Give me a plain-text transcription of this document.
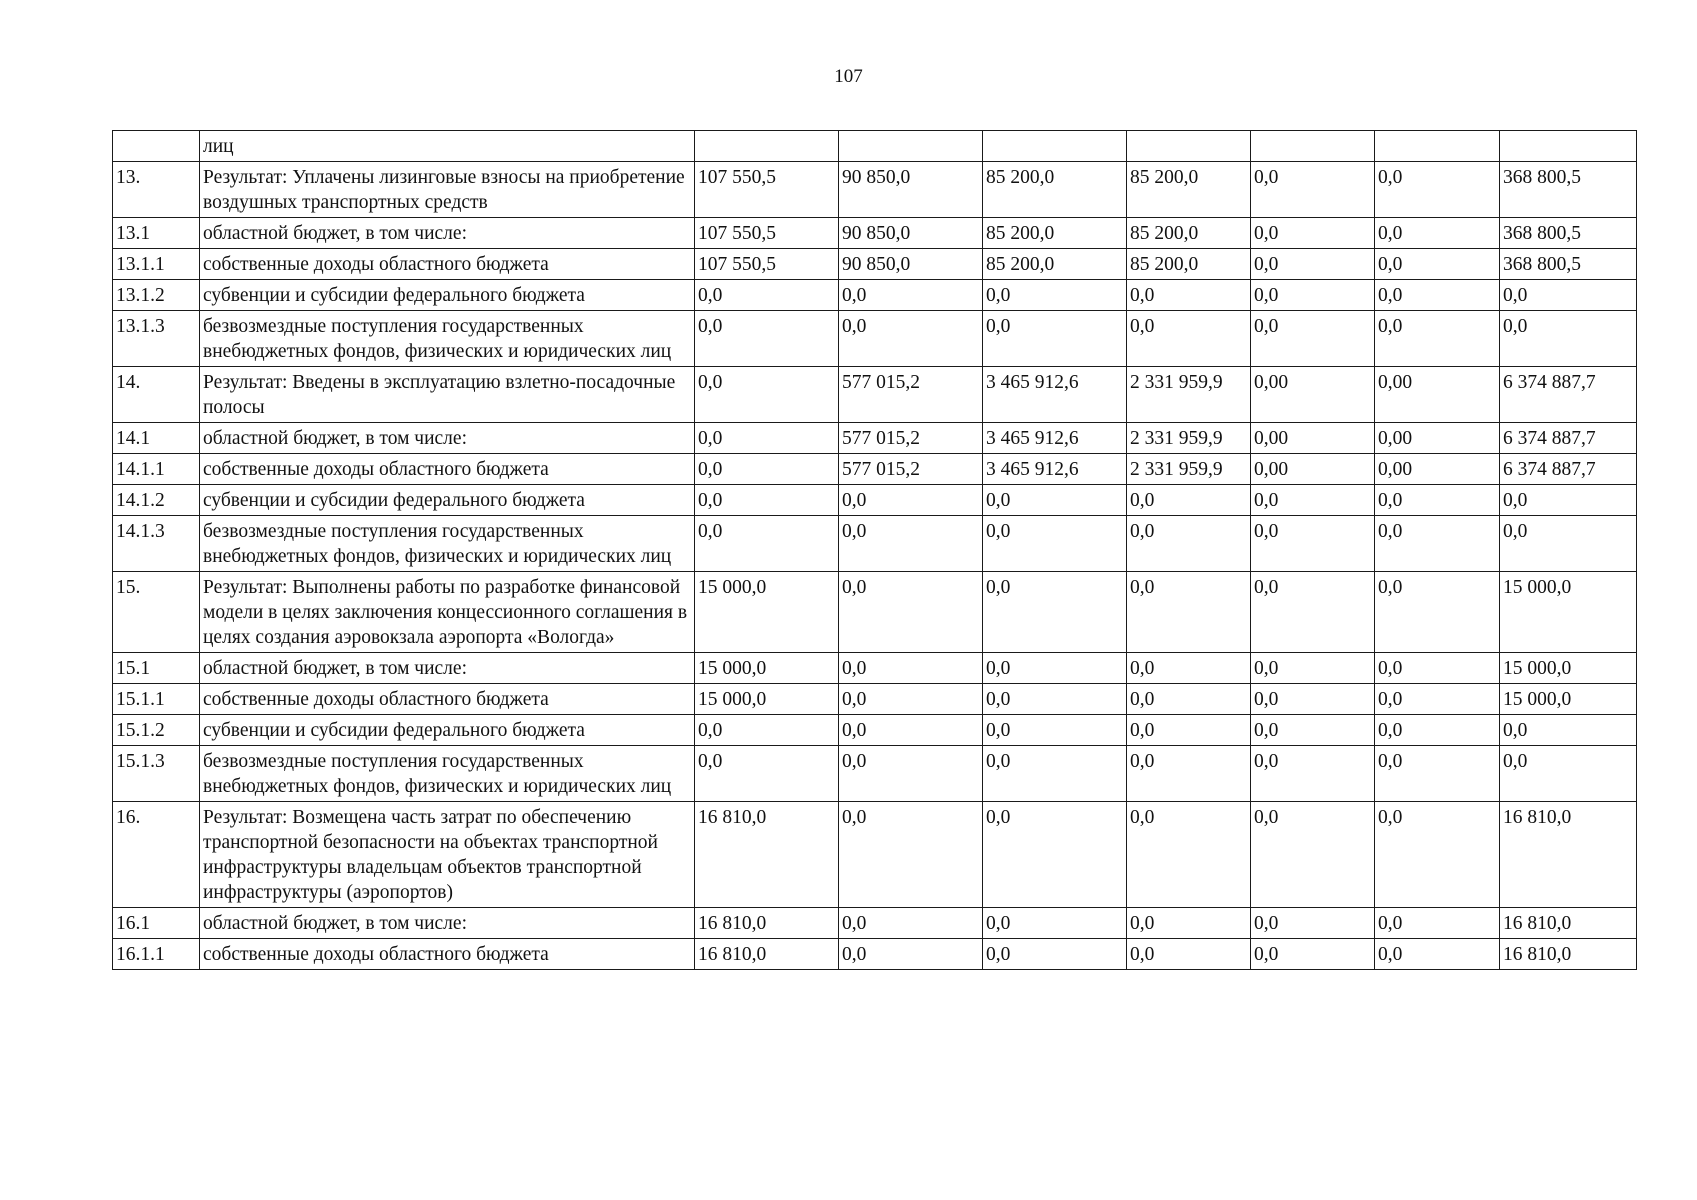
107
	лиц							
13.	Результат: Уплачены лизинговые взносы на приобретение воздушных транспортных средств	107 550,5	90 850,0	85 200,0	85 200,0	0,0	0,0	368 800,5
13.1	областной бюджет, в том числе:	107 550,5	90 850,0	85 200,0	85 200,0	0,0	0,0	368 800,5
13.1.1	собственные доходы областного бюджета	107 550,5	90 850,0	85 200,0	85 200,0	0,0	0,0	368 800,5
13.1.2	субвенции и субсидии федерального бюджета	0,0	0,0	0,0	0,0	0,0	0,0	0,0
13.1.3	безвозмездные поступления государственных внебюджетных фондов, физических и юридических лиц	0,0	0,0	0,0	0,0	0,0	0,0	0,0
14.	Результат: Введены в эксплуатацию взлетно-посадочные полосы	0,0	577 015,2	3 465 912,6	2 331 959,9	0,00	0,00	6 374 887,7
14.1	областной бюджет, в том числе:	0,0	577 015,2	3 465 912,6	2 331 959,9	0,00	0,00	6 374 887,7
14.1.1	собственные доходы областного бюджета	0,0	577 015,2	3 465 912,6	2 331 959,9	0,00	0,00	6 374 887,7
14.1.2	субвенции и субсидии федерального бюджета	0,0	0,0	0,0	0,0	0,0	0,0	0,0
14.1.3	безвозмездные поступления государственных внебюджетных фондов, физических и юридических лиц	0,0	0,0	0,0	0,0	0,0	0,0	0,0
15.	Результат: Выполнены работы по разработке финансовой модели в целях заключения концессионного соглашения в целях создания аэровокзала аэропорта «Вологда»	15 000,0	0,0	0,0	0,0	0,0	0,0	15 000,0
15.1	областной бюджет, в том числе:	15 000,0	0,0	0,0	0,0	0,0	0,0	15 000,0
15.1.1	собственные доходы областного бюджета	15 000,0	0,0	0,0	0,0	0,0	0,0	15 000,0
15.1.2	субвенции и субсидии федерального бюджета	0,0	0,0	0,0	0,0	0,0	0,0	0,0
15.1.3	безвозмездные поступления государственных внебюджетных фондов, физических и юридических лиц	0,0	0,0	0,0	0,0	0,0	0,0	0,0
16.	Результат: Возмещена часть затрат по обеспечению транспортной безопасности на объектах транспортной инфраструктуры владельцам объектов транспортной инфраструктуры (аэропортов)	16 810,0	0,0	0,0	0,0	0,0	0,0	16 810,0
16.1	областной бюджет, в том числе:	16 810,0	0,0	0,0	0,0	0,0	0,0	16 810,0
16.1.1	собственные доходы областного бюджета	16 810,0	0,0	0,0	0,0	0,0	0,0	16 810,0
